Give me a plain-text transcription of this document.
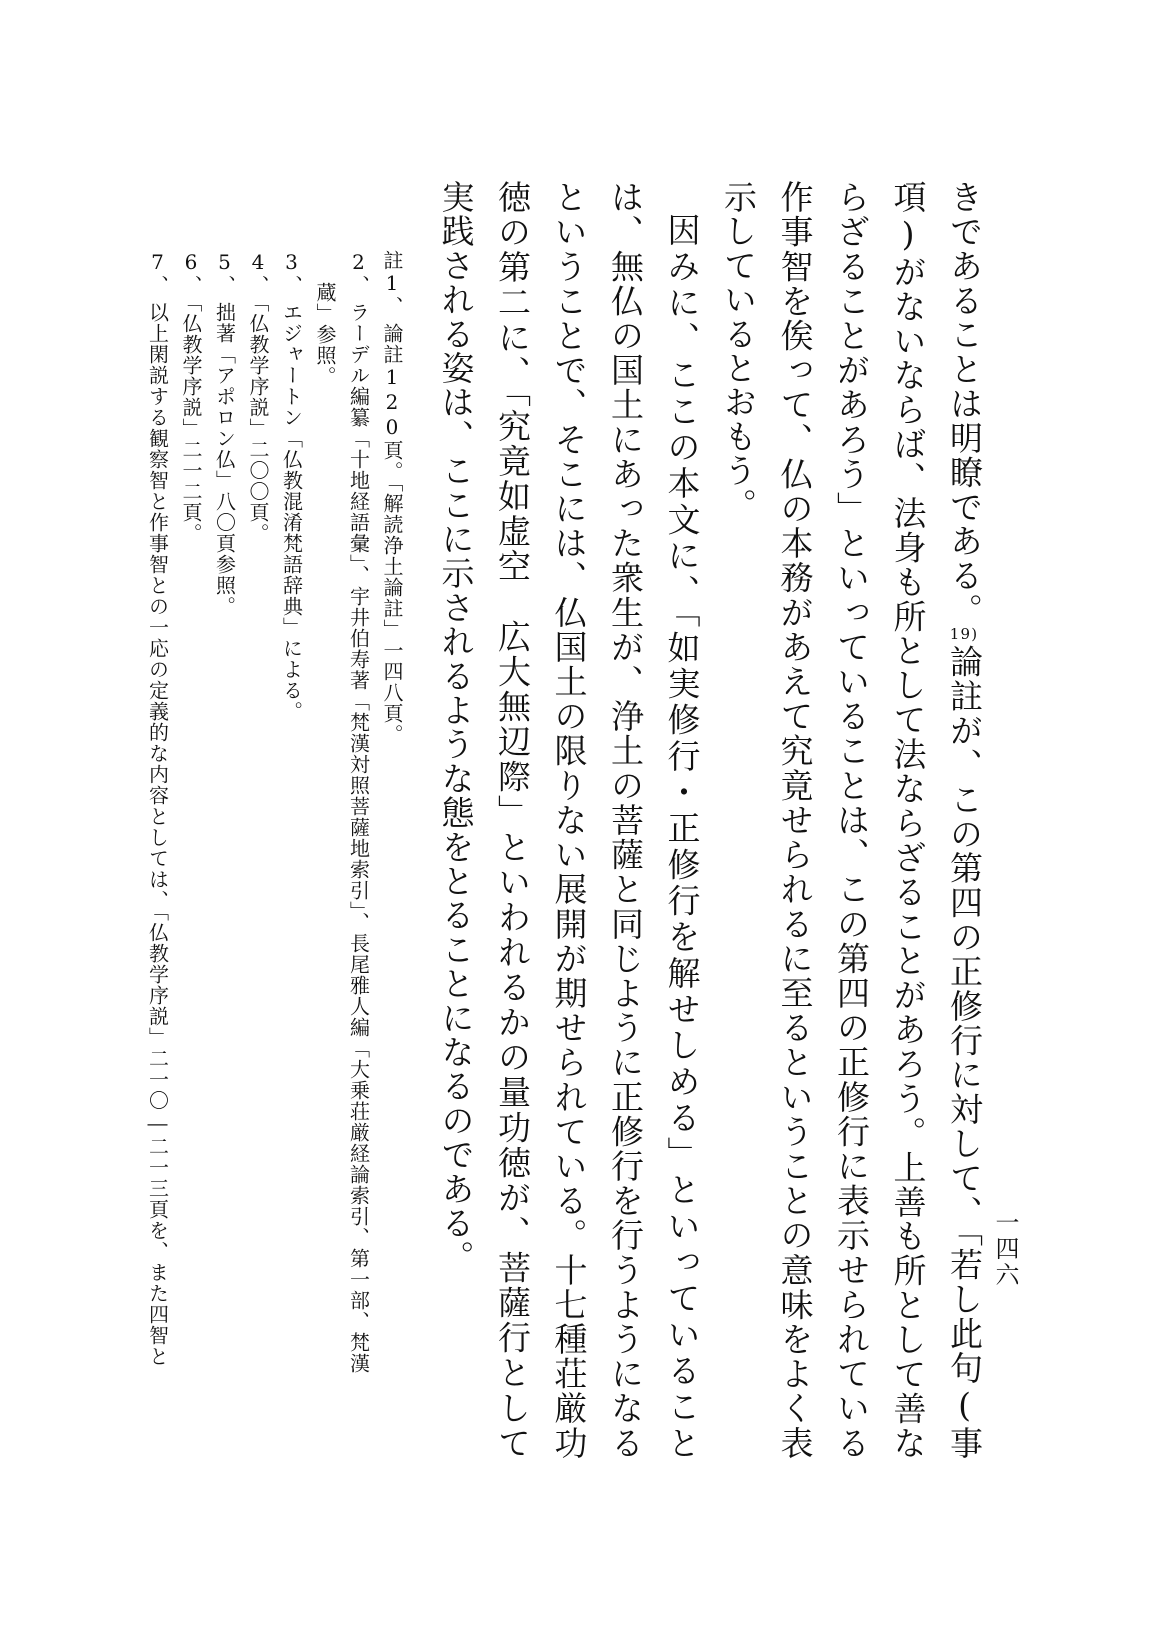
一四六

きであることは明瞭である。19)論註が、この第四の正修行に対して、「若し此句(事項)がないならば、法身も所として法ならざることがあろう。上善も所として善ならざることがあろう」といっていることは、この第四の正修行に表示せられている作事智を俟って、仏の本務があえて究竟せられるに至るということの意味をよく表示しているとおもう。

因みに、ここの本文に、「如実修行・正修行を解せしめる」といっていることは、無仏の国土にあった衆生が、浄土の菩薩と同じように正修行を行うようになるということで、そこには、仏国土の限りない展開が期せられている。十七種荘厳功徳の第二に、「究竟如虚空　広大無辺際」といわれるかの量功徳が、菩薩行として実践される姿は、ここに示されるような態をとることになるのである。

註1、論註120頁。「解読浄土論註」一四八頁。

2、ラーデル編纂「十地経語彙」、宇井伯寿著「梵漢対照菩薩地索引」、長尾雅人編「大乗荘厳経論索引、第一部、梵漢

蔵」参照。

3、エジャートン「仏教混淆梵語辞典」による。

4、「仏教学序説」二〇〇頁。

5、拙著「アポロン仏」八〇頁参照。

6、「仏教学序説」二一二頁。

7、以上閑説する観察智と作事智との一応の定義的な内容としては、「仏教学序説」二一〇―二一三頁を、また四智と
